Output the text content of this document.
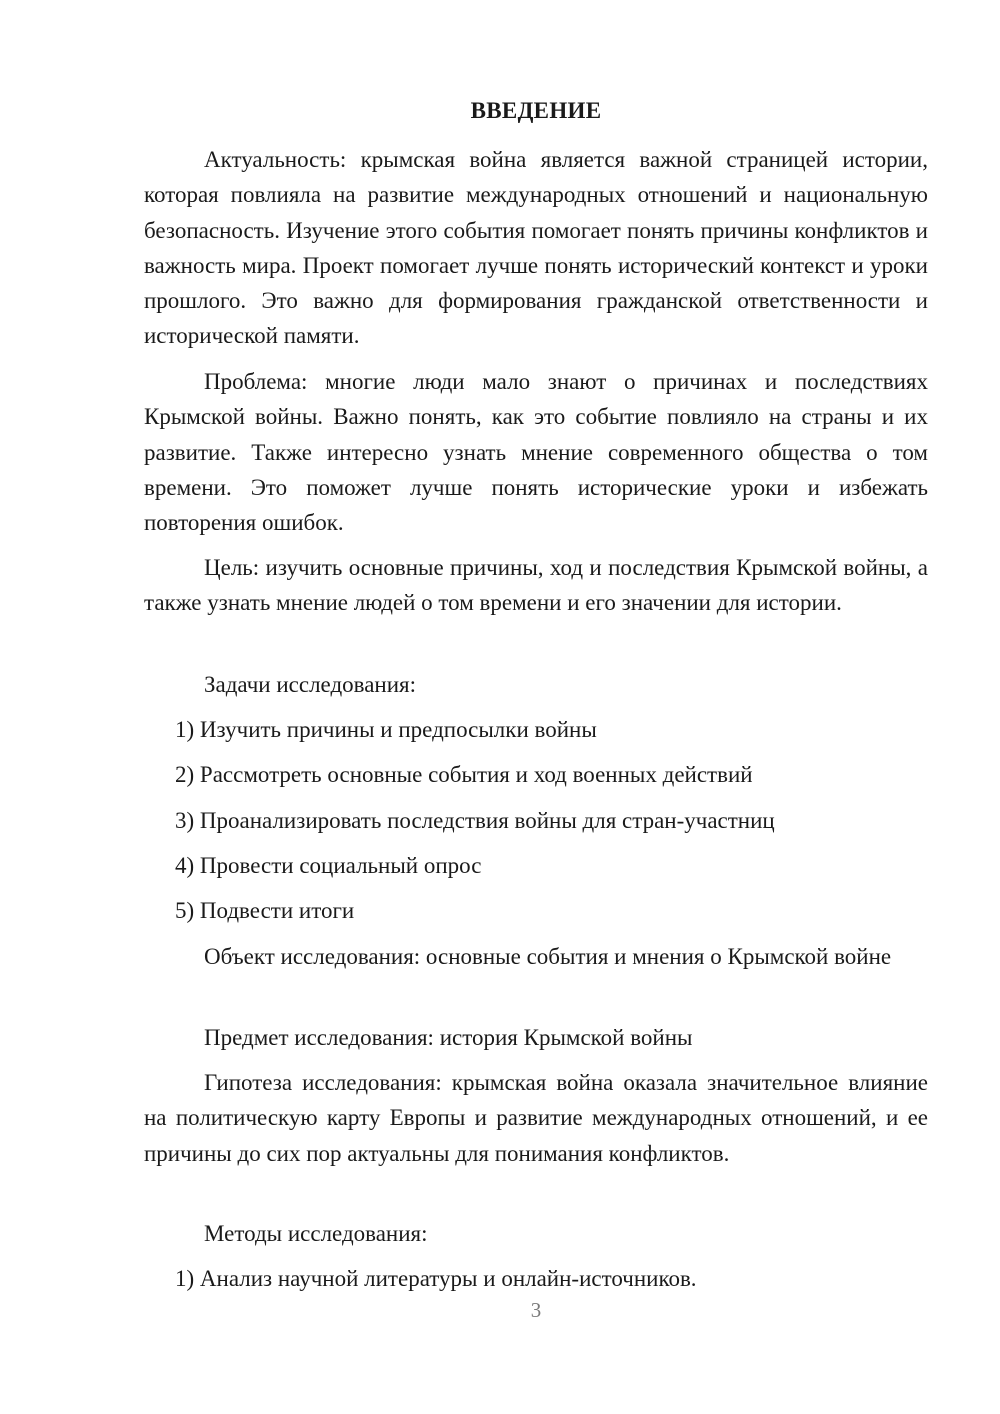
ВВЕДЕНИЕ

Актуальность: крымская война является важной страницей истории, которая повлияла на развитие международных отношений и национальную безопасность. Изучение этого события помогает понять причины конфликтов и важность мира. Проект помогает лучше понять исторический контекст и уроки прошлого. Это важно для формирования гражданской ответственности и исторической памяти.

Проблема: многие люди мало знают о причинах и последствиях Крымской войны. Важно понять, как это событие повлияло на страны и их развитие. Также интересно узнать мнение современного общества о том времени. Это поможет лучше понять исторические уроки и избежать повторения ошибок.

Цель: изучить основные причины, ход и последствия Крымской войны, а также узнать мнение людей о том времени и его значении для истории.

Задачи исследования:

1) Изучить причины и предпосылки войны

2) Рассмотреть основные события и ход военных действий

3) Проанализировать последствия войны для стран-участниц

4) Провести социальный опрос

5) Подвести итоги

Объект исследования: основные события и мнения о Крымской войне

Предмет исследования: история Крымской войны

Гипотеза исследования: крымская война оказала значительное влияние на политическую карту Европы и развитие международных отношений, и ее причины до сих пор актуальны для понимания конфликтов.

Методы исследования:

1) Анализ научной литературы и онлайн-источников.

3
